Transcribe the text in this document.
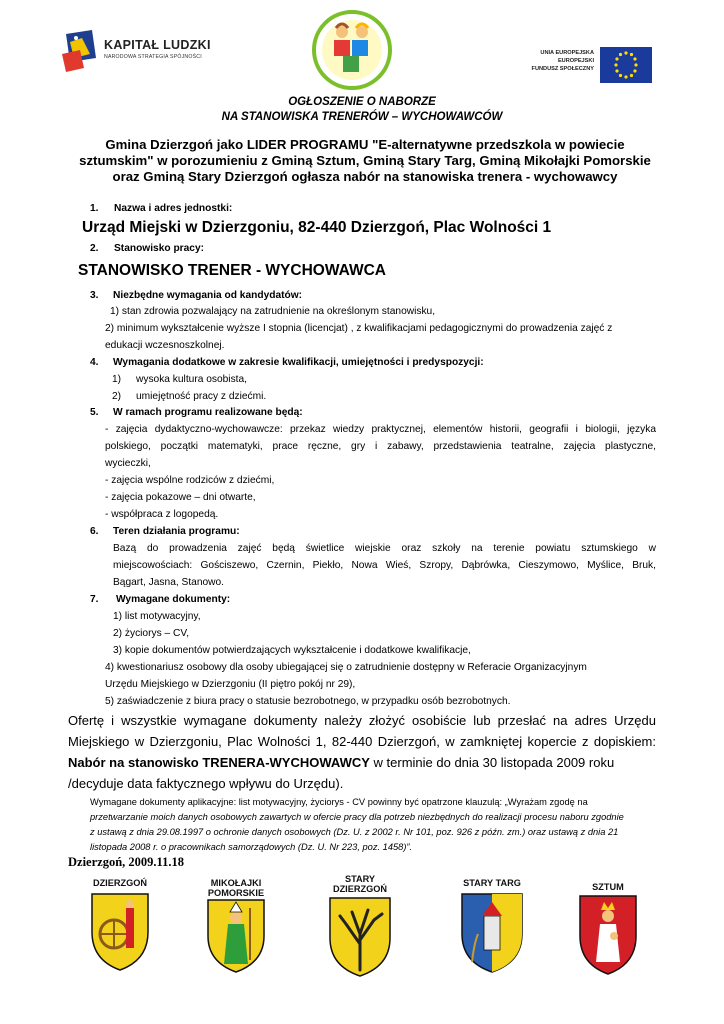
KAPITAŁ LUDZKI
NARODOWA STRATEGIA SPÓJNOŚCI
UNIA EUROPEJSKA
EUROPEJSKI
FUNDUSZ SPOŁECZNY
OGŁOSZENIE O NABORZE
NA STANOWISKA TRENERÓW – WYCHOWAWCÓW
Gmina Dzierzgoń jako LIDER PROGRAMU "E-alternatywne przedszkola w powiecie
sztumskim" w porozumieniu z Gminą Sztum, Gminą Stary Targ, Gminą Mikołajki Pomorskie
oraz Gminą Stary Dzierzgoń ogłasza nabór na stanowiska trenera - wychowawcy
1. Nazwa i adres jednostki:
Urząd Miejski w Dzierzgoniu, 82-440 Dzierzgoń, Plac Wolności 1
2. Stanowisko pracy:
STANOWISKO TRENER - WYCHOWAWCA
3. Niezbędne wymagania od kandydatów:
1) stan zdrowia pozwalający na zatrudnienie na określonym stanowisku,
2) minimum wykształcenie wyższe I stopnia (licencjat) , z kwalifikacjami pedagogicznymi do prowadzenia zajęć z
edukacji wczesnoszkolnej.
4. Wymagania dodatkowe w zakresie kwalifikacji, umiejętności i predyspozycji:
1) wysoka kultura osobista,
2) umiejętność pracy z dziećmi.
5. W ramach programu realizowane będą:
- zajęcia dydaktyczno-wychowawcze: przekaz wiedzy praktycznej, elementów historii, geografii i biologii, języka
polskiego, początki matematyki, prace ręczne, gry i zabawy, przedstawienia teatralne, zajęcia plastyczne,
wycieczki,
- zajęcia wspólne rodziców z dziećmi,
- zajęcia pokazowe – dni otwarte,
- współpraca z logopedą.
6. Teren działania programu:
Bazą do prowadzenia zajęć będą świetlice wiejskie oraz szkoły na terenie powiatu sztumskiego w
miejscowościach: Gościszewo, Czernin, Piekło, Nowa Wieś, Szropy, Dąbrówka, Cieszymowo, Myślice, Bruk,
Bągart, Jasna, Stanowo.
7. Wymagane dokumenty:
1) list motywacyjny,
2) życiorys – CV,
3) kopie dokumentów potwierdzających wykształcenie i dodatkowe kwalifikacje,
4) kwestionariusz osobowy dla osoby ubiegającej się o zatrudnienie dostępny w Referacie Organizacyjnym
Urzędu Miejskiego w Dzierzgoniu (II piętro pokój nr 29),
5) zaświadczenie z biura pracy o statusie bezrobotnego, w przypadku osób bezrobotnych.
Ofertę i wszystkie wymagane dokumenty należy złożyć osobiście lub przesłać na adres Urzędu
Miejskiego w Dzierzgoniu, Plac Wolności 1, 82-440 Dzierzgoń, w zamkniętej kopercie z dopiskiem:
Nabór na stanowisko TRENERA-WYCHOWAWCY w terminie do dnia 30 listopada 2009 roku
/decyduje data faktycznego wpływu do Urzędu).
Wymagane dokumenty aplikacyjne: list motywacyjny, życiorys - CV powinny być opatrzone klauzulą: „Wyrażam zgodę na
przetwarzanie moich danych osobowych zawartych w ofercie pracy dla potrzeb niezbędnych do realizacji procesu naboru zgodnie
z ustawą z dnia 29.08.1997 o ochronie danych osobowych (Dz. U. z 2002 r. Nr 101, poz. 926 z późn. zm.) oraz ustawą z dnia 21
listopada 2008 r. o pracownikach samorządowych (Dz. U. Nr 223, poz. 1458)”.
Dzierzgoń, 2009.11.18
DZIERZGOŃ	MIKOŁAJKI
POMORSKIE
STARY
DZIERZGOŃ
STARY TARG	SZTUM
